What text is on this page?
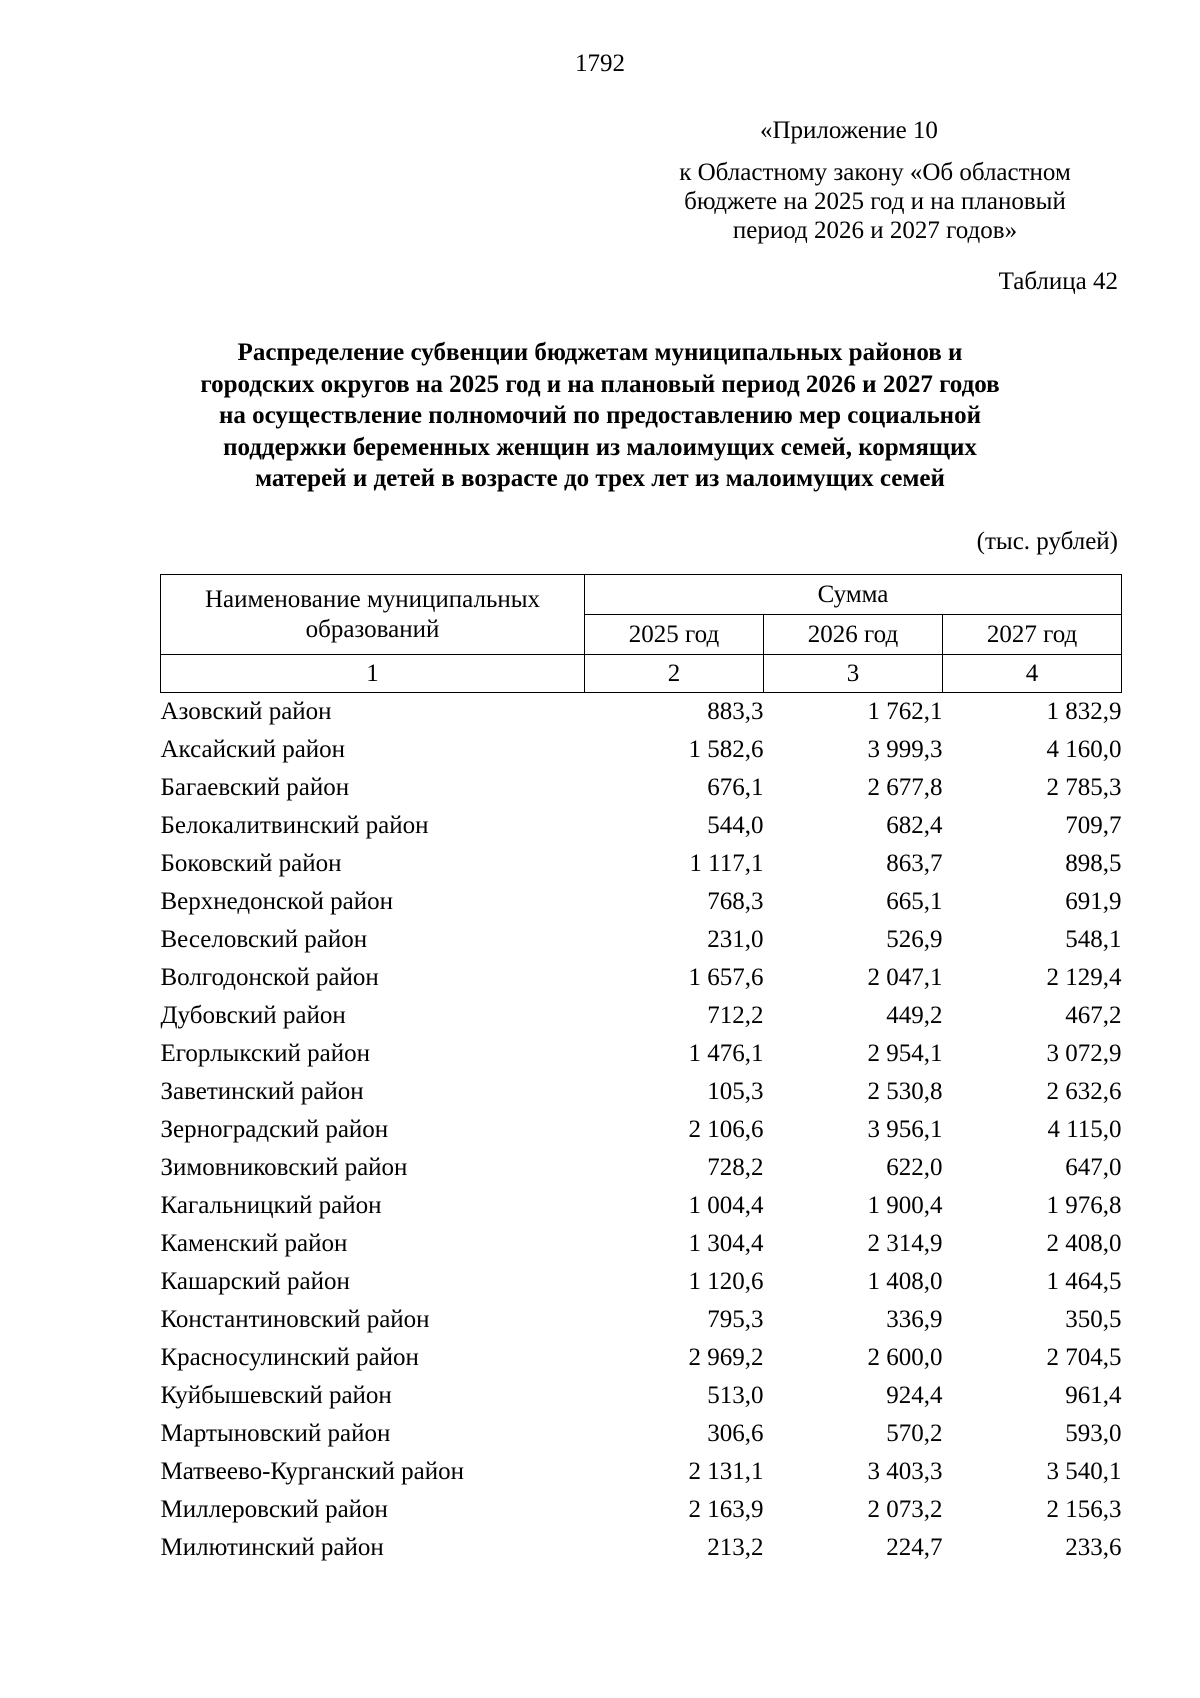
1792
«Приложение 10
к Областному закону «Об областном
бюджете на 2025 год и на плановый
период 2026 и 2027 годов»
Таблица 42
Распределение субвенции бюджетам муниципальных районов и
городских округов на 2025 год и на плановый период 2026 и 2027 годов
на осуществление полномочий по предоставлению мер социальной
поддержки беременных женщин из малоимущих семей, кормящих
матерей и детей в возрасте до трех лет из малоимущих семей
(тыс. рублей)
Наименование муниципальных образований	Сумма		
	2025 год	2026 год	2027 год
1	2	3	4
Азовский район	883,3	1 762,1	1 832,9
Аксайский район	1 582,6	3 999,3	4 160,0
Багаевский район	676,1	2 677,8	2 785,3
Белокалитвинский район	544,0	682,4	709,7
Боковский район	1 117,1	863,7	898,5
Верхнедонской район	768,3	665,1	691,9
Веселовский район	231,0	526,9	548,1
Волгодонской район	1 657,6	2 047,1	2 129,4
Дубовский район	712,2	449,2	467,2
Егорлыкский район	1 476,1	2 954,1	3 072,9
Заветинский район	105,3	2 530,8	2 632,6
Зерноградский район	2 106,6	3 956,1	4 115,0
Зимовниковский район	728,2	622,0	647,0
Кагальницкий район	1 004,4	1 900,4	1 976,8
Каменский район	1 304,4	2 314,9	2 408,0
Кашарский район	1 120,6	1 408,0	1 464,5
Константиновский район	795,3	336,9	350,5
Красносулинский район	2 969,2	2 600,0	2 704,5
Куйбышевский район	513,0	924,4	961,4
Мартыновский район	306,6	570,2	593,0
Матвеево-Курганский район	2 131,1	3 403,3	3 540,1
Миллеровский район	2 163,9	2 073,2	2 156,3
Милютинский район	213,2	224,7	233,6
